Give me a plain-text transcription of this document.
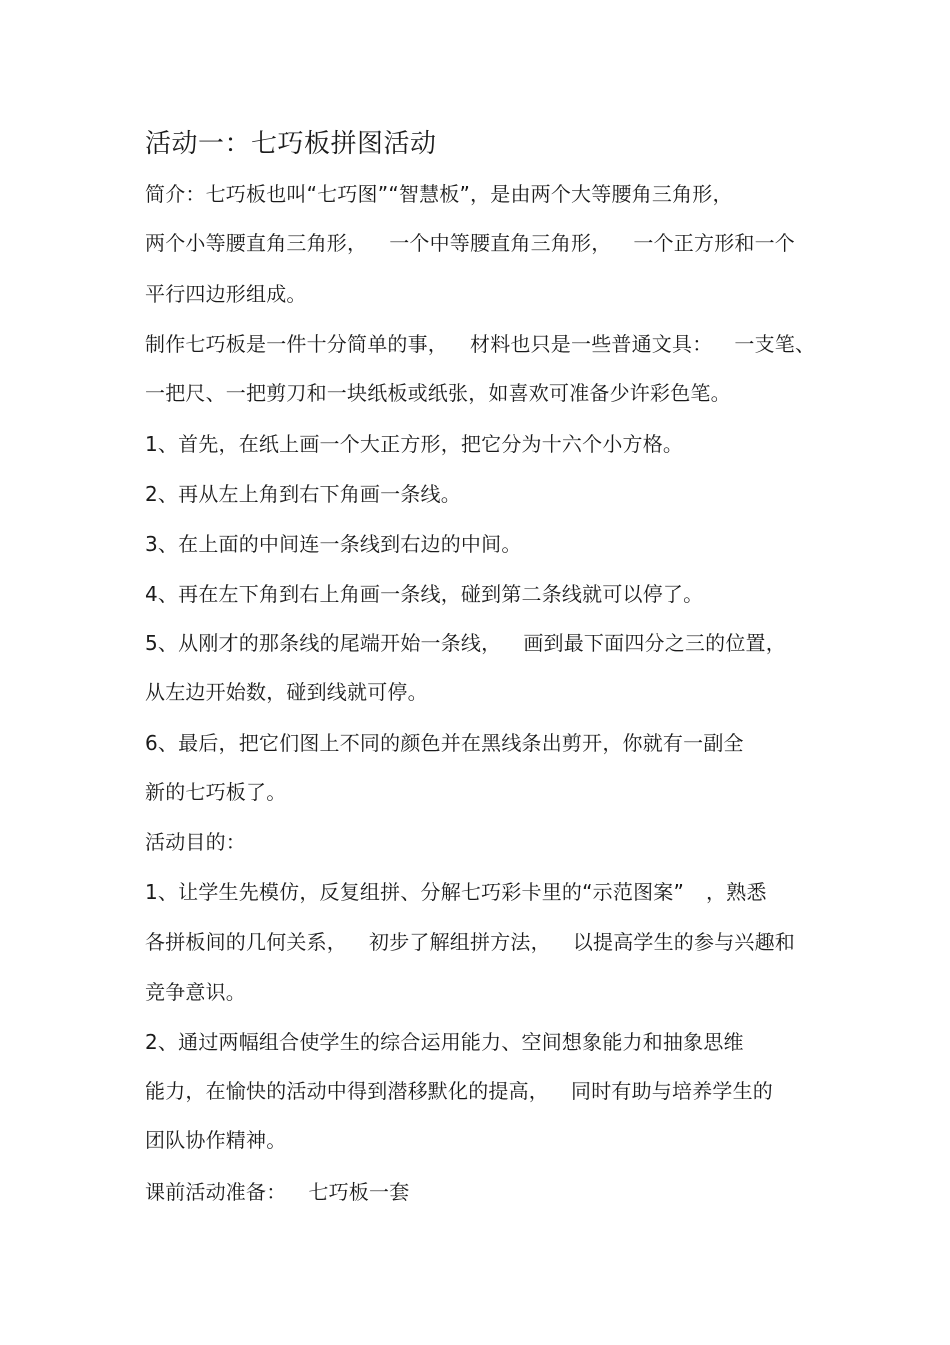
活动一：七巧板拼图活动
简介：七巧板也叫“七巧图”“智慧板”，是由两个大等腰角三角形，
两个小等腰直角三角形， 一个中等腰直角三角形， 一个正方形和一个
平行四边形组成。
制作七巧板是一件十分简单的事， 材料也只是一些普通文具： 一支笔、
一把尺、一把剪刀和一块纸板或纸张，如喜欢可准备少许彩色笔。
1、首先，在纸上画一个大正方形，把它分为十六个小方格。
2、再从左上角到右下角画一条线。
3、在上面的中间连一条线到右边的中间。
4、再在左下角到右上角画一条线，碰到第二条线就可以停了。
5、从刚才的那条线的尾端开始一条线， 画到最下面四分之三的位置，
从左边开始数，碰到线就可停。
6、最后，把它们图上不同的颜色并在黑线条出剪开，你就有一副全
新的七巧板了。
活动目的：
1、让学生先模仿，反复组拼、分解七巧彩卡里的“示范图案” ，熟悉
各拼板间的几何关系， 初步了解组拼方法， 以提高学生的参与兴趣和
竞争意识。
2、通过两幅组合使学生的综合运用能力、空间想象能力和抽象思维
能力，在愉快的活动中得到潜移默化的提高， 同时有助与培养学生的
团队协作精神。
课前活动准备： 七巧板一套
